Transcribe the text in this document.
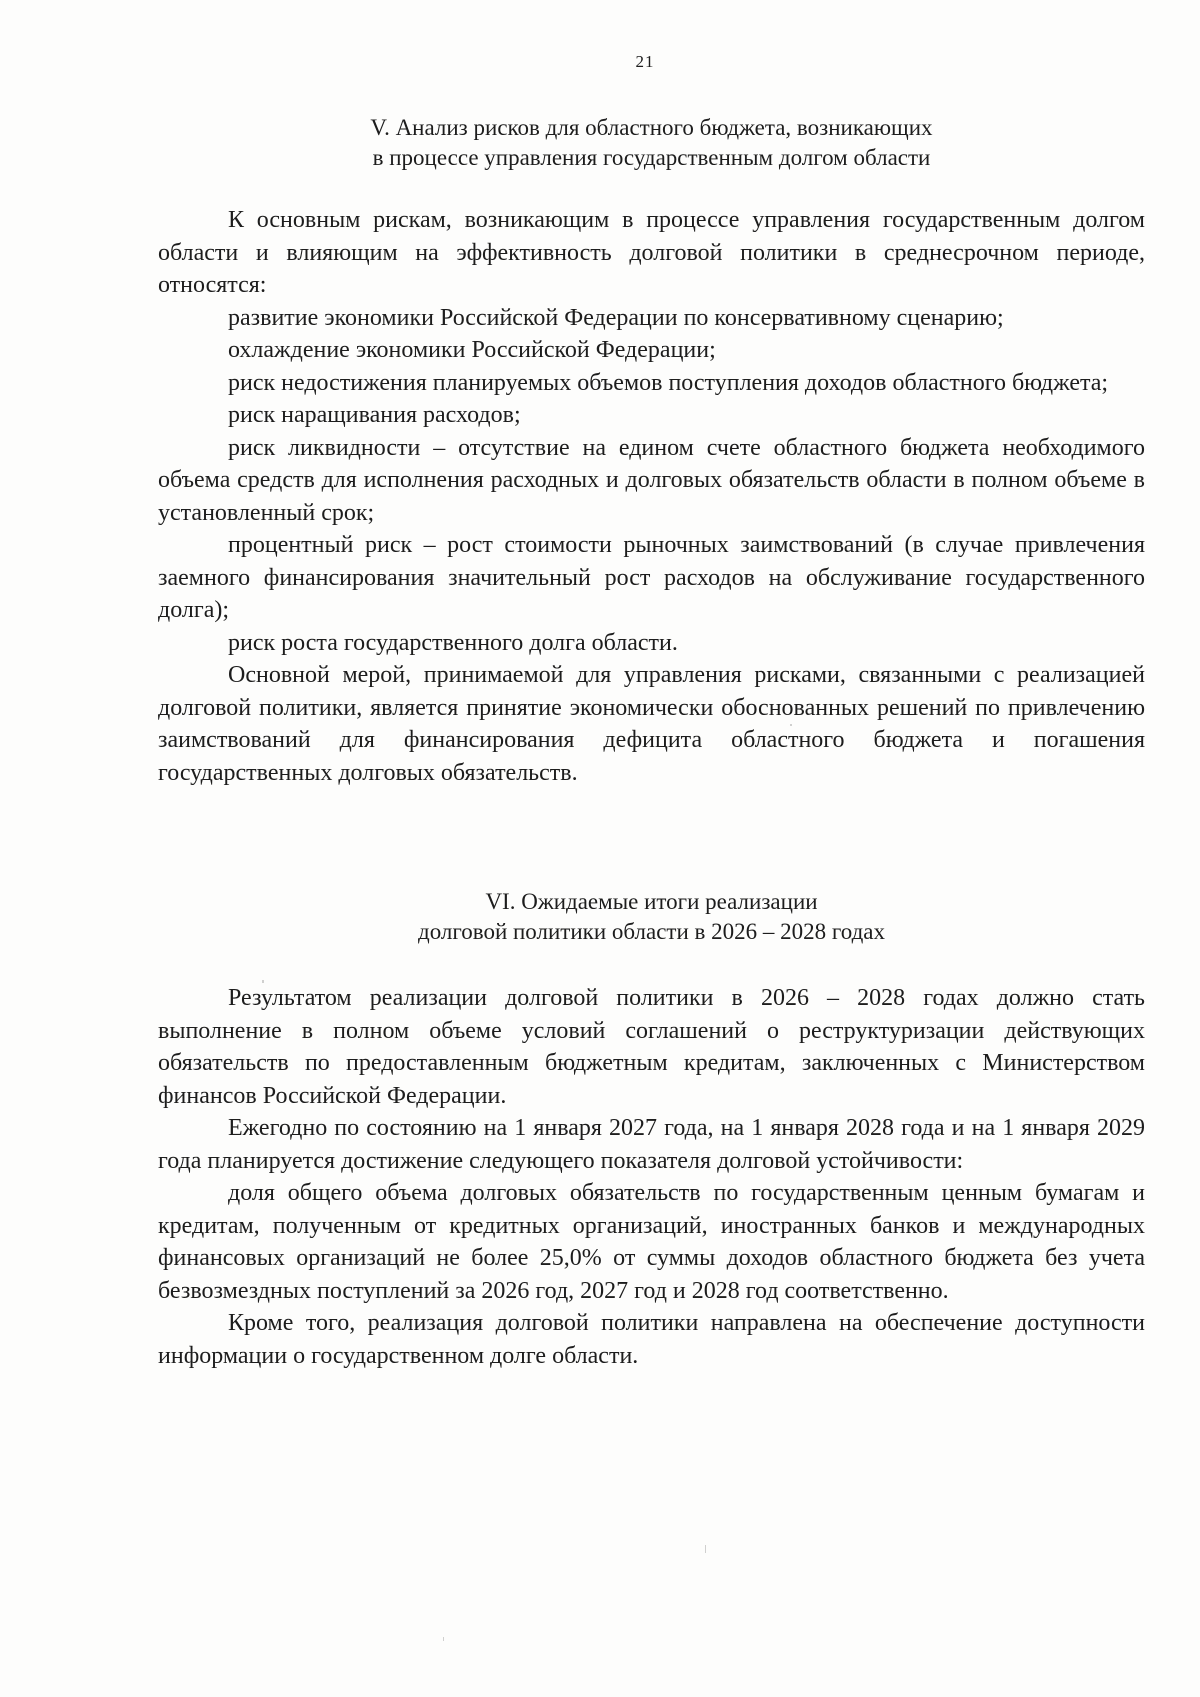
21
V. Анализ рисков для областного бюджета, возникающих
в процессе управления государственным долгом области

К основным рискам, возникающим в процессе управления государственным долгом области и влияющим на эффективность долговой политики в среднесрочном периоде, относятся:

развитие экономики Российской Федерации по консервативному сценарию;

охлаждение экономики Российской Федерации;

риск недостижения планируемых объемов поступления доходов областного бюджета;

риск наращивания расходов;

риск ликвидности – отсутствие на едином счете областного бюджета необходимого объема средств для исполнения расходных и долговых обязательств области в полном объеме в установленный срок;

процентный риск – рост стоимости рыночных заимствований (в случае привлечения заемного финансирования значительный рост расходов на обслуживание государственного долга);

риск роста государственного долга области.

Основной мерой, принимаемой для управления рисками, связанными с реализацией долговой политики, является принятие экономически обоснованных решений по привлечению заимствований для финансирования дефицита областного бюджета и погашения государственных долговых обязательств.

VI. Ожидаемые итоги реализации
долговой политики области в 2026 – 2028 годах

Результатом реализации долговой политики в 2026 – 2028 годах должно стать выполнение в полном объеме условий соглашений о реструктуризации действующих обязательств по предоставленным бюджетным кредитам, заключенных с Министерством финансов Российской Федерации.

Ежегодно по состоянию на 1 января 2027 года, на 1 января 2028 года и на 1 января 2029 года планируется достижение следующего показателя долговой устойчивости:

доля общего объема долговых обязательств по государственным ценным бумагам и кредитам, полученным от кредитных организаций, иностранных банков и международных финансовых организаций не более 25,0% от суммы доходов областного бюджета без учета безвозмездных поступлений за 2026 год, 2027 год и 2028 год соответственно.

Кроме того, реализация долговой политики направлена на обеспечение доступности информации о государственном долге области.
